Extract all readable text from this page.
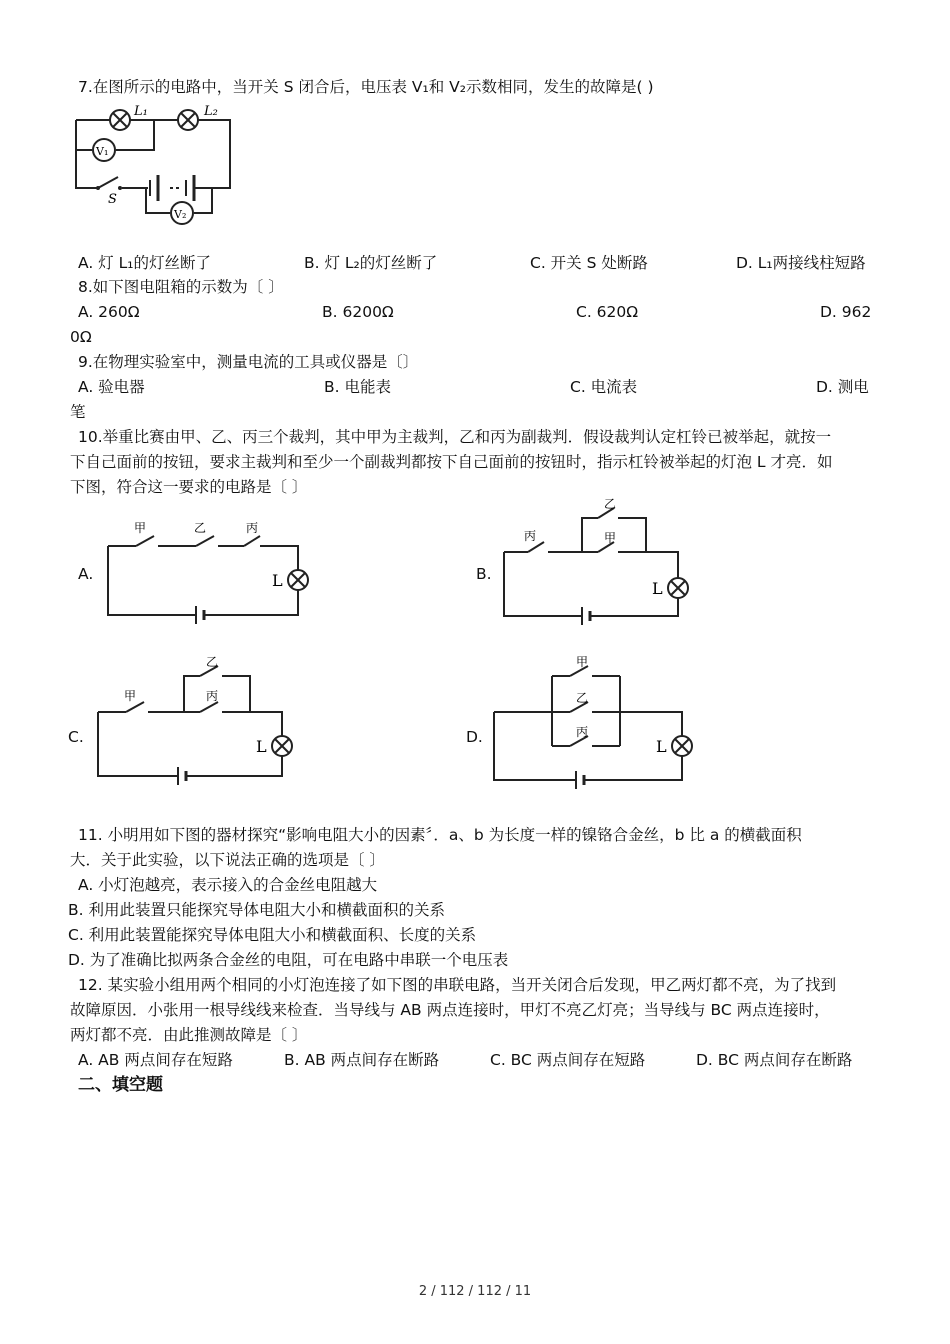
7.在图所示的电路中，当开关 S 闭合后，电压表 V₁和 V₂示数相同，发生的故障是( )
L₁	L₂
V₁
V₂
S
A. 灯 L₁的灯丝断了	B. 灯 L₂的灯丝断了	C. 开关 S 处断路	D. L₁两接线柱短路
8.如下图电阻箱的示数为〔 〕
A. 260Ω	B. 6200Ω	C. 620Ω	D. 962
0Ω
9.在物理实验室中，测量电流的工具或仪器是〔〕
A. 验电器	B. 电能表	C. 电流表	D. 测电
笔
10.举重比赛由甲、乙、丙三个裁判，其中甲为主裁判，乙和丙为副裁判．假设裁判认定杠铃已被举起，就按一
下自己面前的按钮，要求主裁判和至少一个副裁判都按下自己面前的按钮时，指示杠铃被举起的灯泡 L 才亮．如
下图，符合这一要求的电路是〔 〕
A.
甲	乙	丙
L	B.
丙
乙
甲
L
C.
甲
乙
丙
L	D.
甲
乙
丙
L
11. 小明用如下图的器材探究“影响电阻大小的因素〞．a、b 为长度一样的镍铬合金丝，b 比 a 的横截面积
大．关于此实验，以下说法正确的选项是〔 〕
A. 小灯泡越亮，表示接入的合金丝电阻越大
B. 利用此装置只能探究导体电阻大小和横截面积的关系
C. 利用此装置能探究导体电阻大小和横截面积、长度的关系
D. 为了准确比拟两条合金丝的电阻，可在电路中串联一个电压表
12. 某实验小组用两个相同的小灯泡连接了如下图的串联电路，当开关闭合后发现，甲乙两灯都不亮，为了找到
故障原因．小张用一根导线线来检查．当导线与 AB 两点连接时，甲灯不亮乙灯亮；当导线与 BC 两点连接时，
两灯都不亮．由此推测故障是〔 〕
A. AB 两点间存在短路	B. AB 两点间存在断路	C. BC 两点间存在短路	D. BC 两点间存在断路
二、填空题
2 / 112 / 112 / 11
